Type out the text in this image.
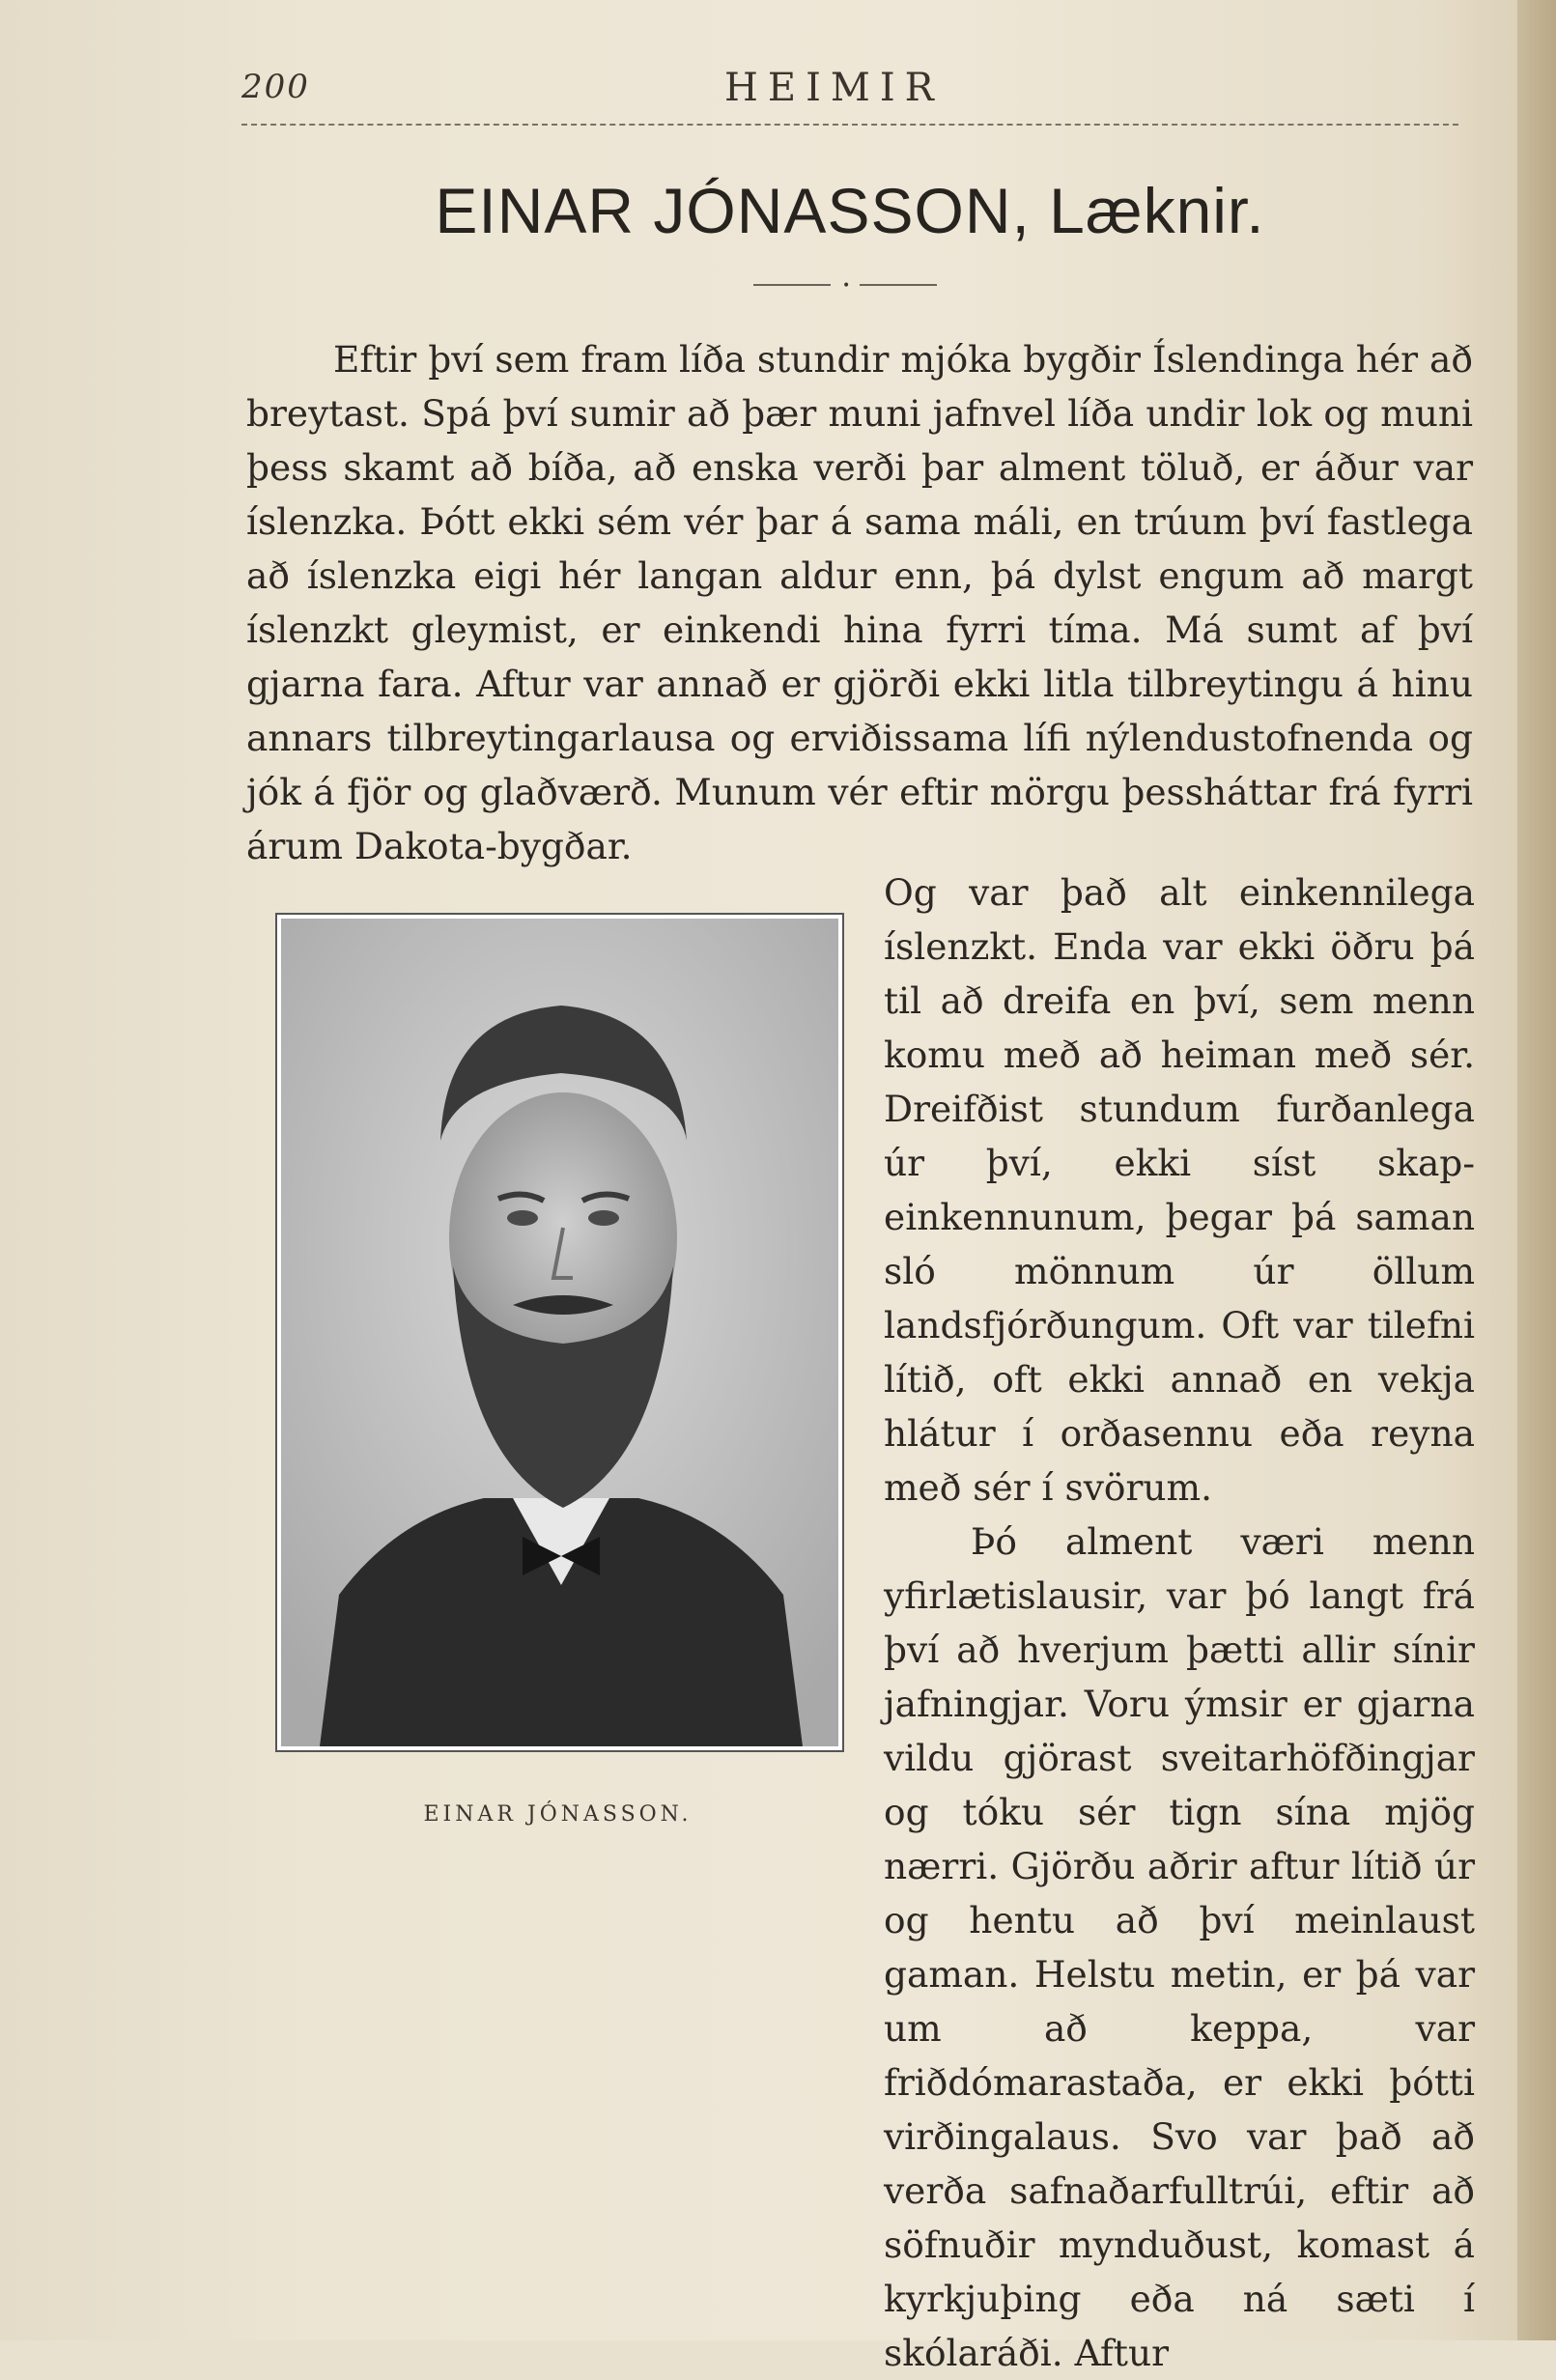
200	HEIMIR
EINAR JÓNASSON, Læknir.
•

Eftir því sem fram líða stundir mjóka bygðir Íslendinga hér að breytast. Spá því sumir að þær muni jafnvel líða undir lok og muni þess skamt að bíða, að enska verði þar alment töluð, er áður var íslenzka. Þótt ekki sém vér þar á sama máli, en trúum því fastlega að íslenzka eigi hér langan aldur enn, þá dylst engum að margt íslenzkt gleymist, er einkendi hina fyrri tíma. Má sumt af því gjarna fara. Aftur var annað er gjörði ekki litla tilbreytingu á hinu annars tilbreytingarlausa og erviðissama lífi nýlendustofnenda og jók á fjör og glaðværð. Munum vér eftir mörgu þessháttar frá fyrri árum Dakota-bygðar.

EINAR JÓNASSON.

Og var það alt einkennilega íslenzkt. Enda var ekki öðru þá til að dreifa en því, sem menn komu með að heiman með sér. Dreifðist stundum furðanlega úr því, ekki síst skap-einkennunum, þegar þá saman sló mönnum úr öllum landsfjórðungum. Oft var tilefni lítið, oft ekki annað en vekja hlátur í orðasennu eða reyna með sér í svörum.

Þó alment væri menn yfirlætislausir, var þó langt frá því að hverjum þætti allir sínir jafningjar. Voru ýmsir er gjarna vildu gjörast sveitarhöfðingjar og tóku sér tign sína mjög nærri. Gjörðu aðrir aftur lítið úr og hentu að því meinlaust gaman. Helstu metin, er þá var um að keppa, var friðdómarastaða, er ekki þótti virðingalaus. Svo var það að verða safnaðarfulltrúi, eftir að söfnuðir mynduðust, komast á kyrkjuþing eða ná sæti í skólaráði. Aftur
